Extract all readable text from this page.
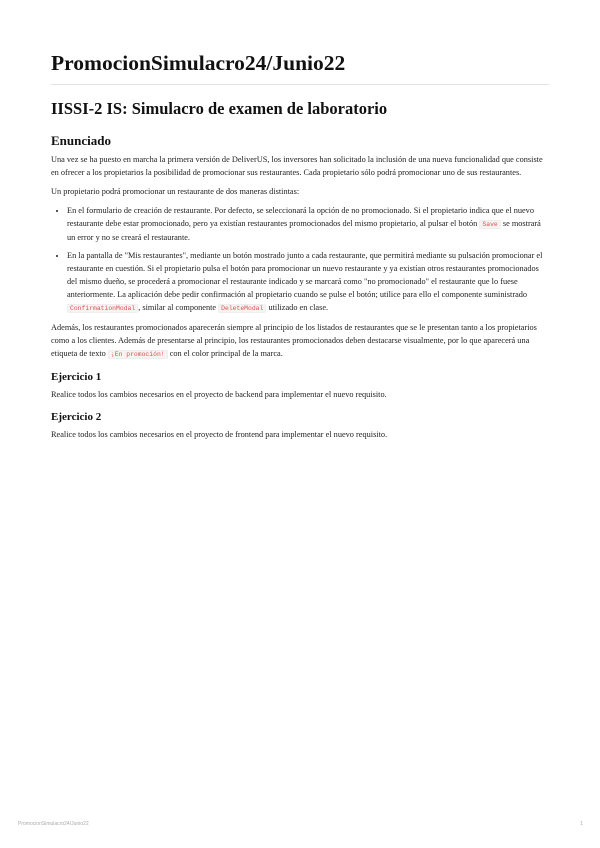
PromocionSimulacro24/Junio22
IISSI-2 IS: Simulacro de examen de laboratorio
Enunciado

Una vez se ha puesto en marcha la primera versión de DeliverUS, los inversores han solicitado la inclusión de una nueva funcionalidad que consiste en ofrecer a los propietarios la posibilidad de promocionar sus restaurantes. Cada propietario sólo podrá promocionar uno de sus restaurantes.

Un propietario podrá promocionar un restaurante de dos maneras distintas:

• En el formulario de creación de restaurante. Por defecto, se seleccionará la opción de no promocionado. Si el propietario indica que el nuevo restaurante debe estar promocionado, pero ya existían restaurantes promocionados del mismo propietario, al pulsar el botón Save se mostrará un error y no se creará el restaurante.
• En la pantalla de "Mis restaurantes", mediante un botón mostrado junto a cada restaurante, que permitirá mediante su pulsación promocionar el restaurante en cuestión. Si el propietario pulsa el botón para promocionar un nuevo restaurante y ya existían otros restaurantes promocionados del mismo dueño, se procederá a promocionar el restaurante indicado y se marcará como "no promocionado" el restaurante que lo fuese anteriormente. La aplicación debe pedir confirmación al propietario cuando se pulse el botón; utilice para ello el componente suministrado ConfirmationModal , similar al componente DeleteModal utilizado en clase.

Además, los restaurantes promocionados aparecerán siempre al principio de los listados de restaurantes que se le presentan tanto a los propietarios como a los clientes. Además de presentarse al principio, los restaurantes promocionados deben destacarse visualmente, por lo que aparecerá una etiqueta de texto ¡En promoción! con el color principal de la marca.

Ejercicio 1

Realice todos los cambios necesarios en el proyecto de backend para implementar el nuevo requisito.

Ejercicio 2

Realice todos los cambios necesarios en el proyecto de frontend para implementar el nuevo requisito.

PromocionSimulacro24/Junio22	1
